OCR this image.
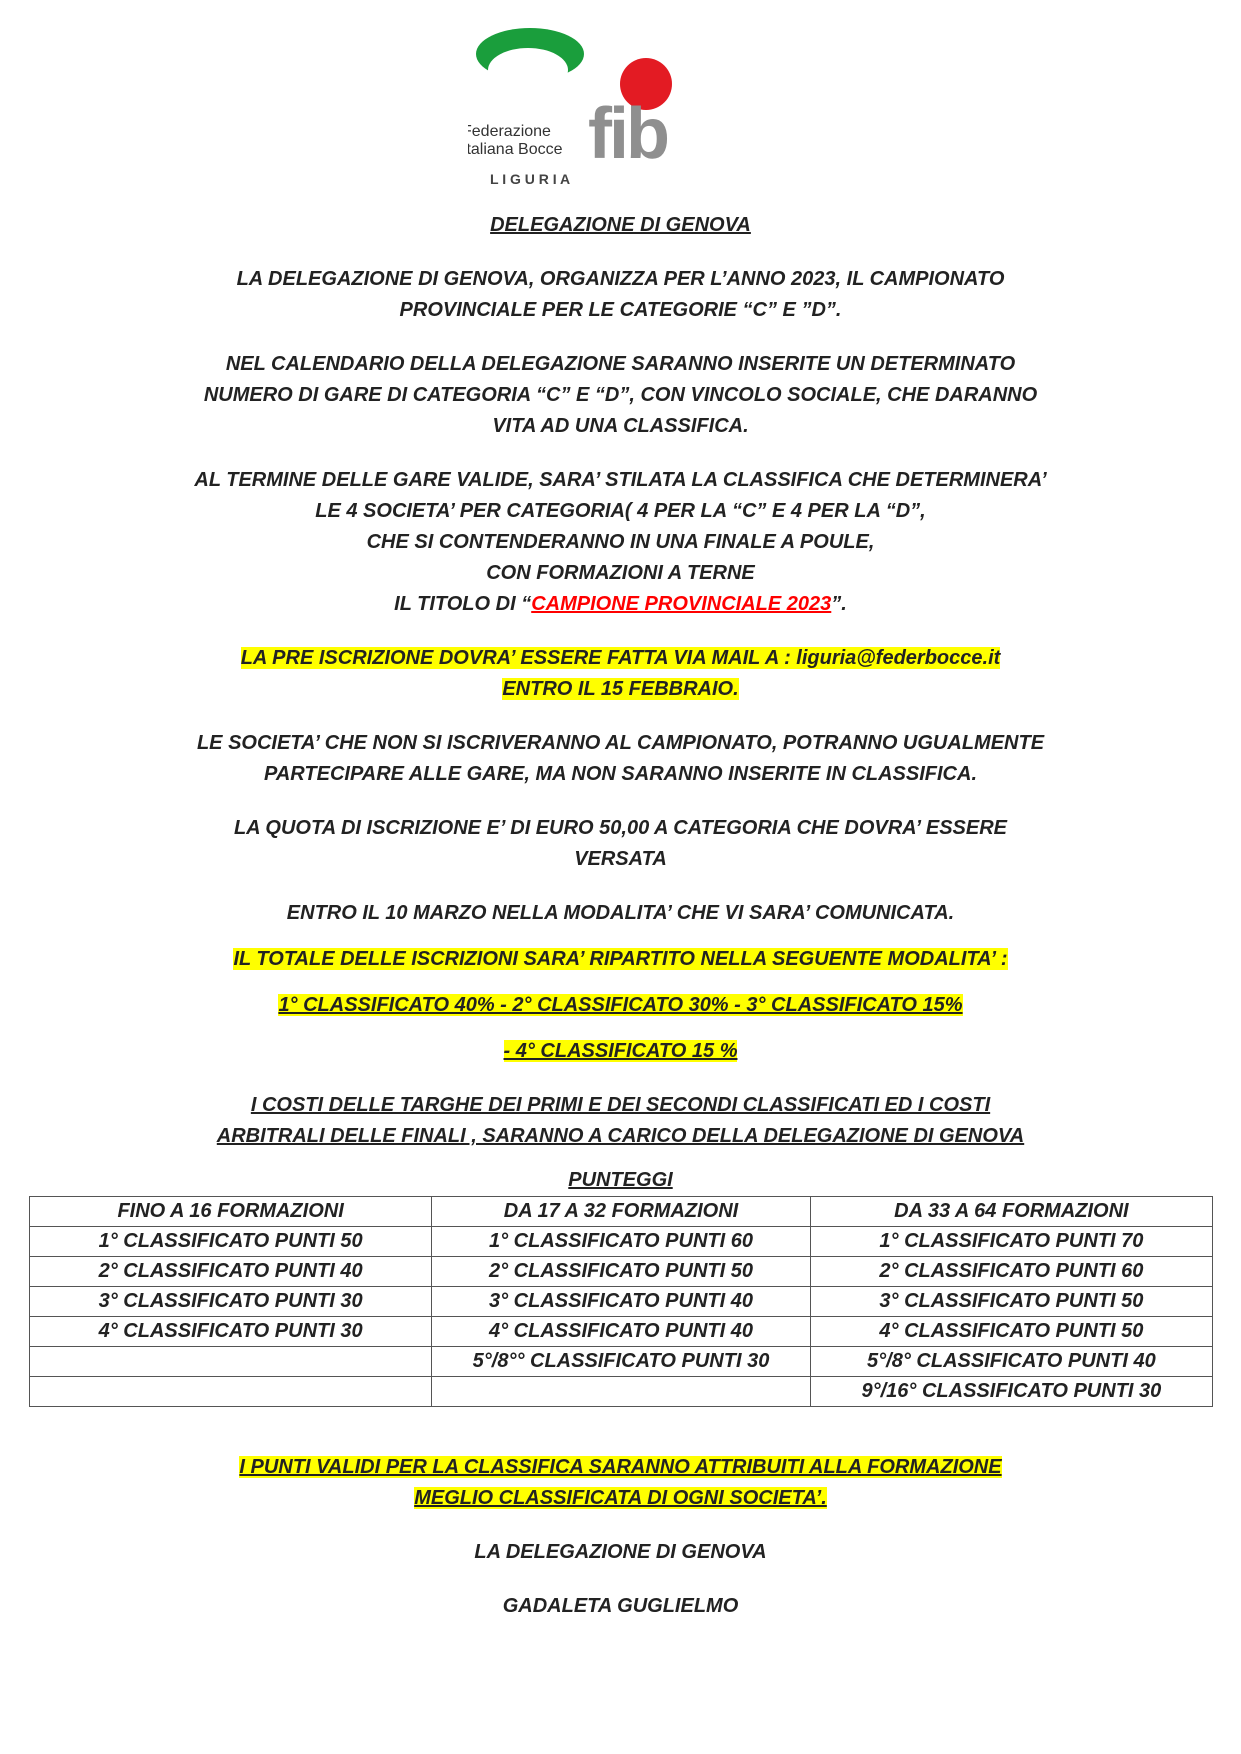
Federazione
Italiana Bocce fib
L I G U R I A

DELEGAZIONE DI GENOVA

LA DELEGAZIONE DI GENOVA, ORGANIZZA PER L’ANNO 2023, IL CAMPIONATO
PROVINCIALE PER LE CATEGORIE “C” E ”D”.

NEL CALENDARIO DELLA DELEGAZIONE SARANNO INSERITE UN DETERMINATO
NUMERO DI GARE DI CATEGORIA “C” E “D”, CON VINCOLO SOCIALE, CHE DARANNO
VITA AD UNA CLASSIFICA.

AL TERMINE DELLE GARE VALIDE, SARA’ STILATA LA CLASSIFICA CHE DETERMINERA’
LE 4 SOCIETA’ PER CATEGORIA( 4 PER LA “C” E 4 PER LA “D”,
CHE SI CONTENDERANNO IN UNA FINALE A POULE,
CON FORMAZIONI A TERNE
IL TITOLO DI “CAMPIONE PROVINCIALE 2023”.

LA PRE ISCRIZIONE DOVRA’ ESSERE FATTA VIA MAIL A : liguria@federbocce.it
ENTRO IL 15 FEBBRAIO.

LE SOCIETA’ CHE NON SI ISCRIVERANNO AL CAMPIONATO, POTRANNO UGUALMENTE
PARTECIPARE ALLE GARE, MA NON SARANNO INSERITE IN CLASSIFICA.

LA QUOTA DI ISCRIZIONE E’ DI EURO 50,00 A CATEGORIA CHE DOVRA’ ESSERE
VERSATA

ENTRO IL 10 MARZO NELLA MODALITA’ CHE VI SARA’ COMUNICATA.

IL TOTALE DELLE ISCRIZIONI SARA’ RIPARTITO NELLA SEGUENTE MODALITA’ :

1° CLASSIFICATO 40% - 2° CLASSIFICATO 30% - 3° CLASSIFICATO 15%

- 4° CLASSIFICATO 15 %

I COSTI DELLE TARGHE DEI PRIMI E DEI SECONDI CLASSIFICATI ED I COSTI
ARBITRALI DELLE FINALI , SARANNO A CARICO DELLA DELEGAZIONE DI GENOVA

PUNTEGGI

FINO A 16 FORMAZIONI	DA 17 A 32 FORMAZIONI	DA 33 A 64 FORMAZIONI
1° CLASSIFICATO PUNTI 50	1° CLASSIFICATO PUNTI 60	1° CLASSIFICATO PUNTI 70
2° CLASSIFICATO PUNTI 40	2° CLASSIFICATO PUNTI 50	2° CLASSIFICATO PUNTI 60
3° CLASSIFICATO PUNTI 30	3° CLASSIFICATO PUNTI 40	3° CLASSIFICATO PUNTI 50
4° CLASSIFICATO PUNTI 30	4° CLASSIFICATO PUNTI 40	4° CLASSIFICATO PUNTI 50
	5°/8°° CLASSIFICATO PUNTI 30	5°/8° CLASSIFICATO PUNTI 40
		9°/16° CLASSIFICATO PUNTI 30

I PUNTI VALIDI PER LA CLASSIFICA SARANNO ATTRIBUITI ALLA FORMAZIONE
MEGLIO CLASSIFICATA DI OGNI SOCIETA’.

LA DELEGAZIONE DI GENOVA

GADALETA GUGLIELMO
